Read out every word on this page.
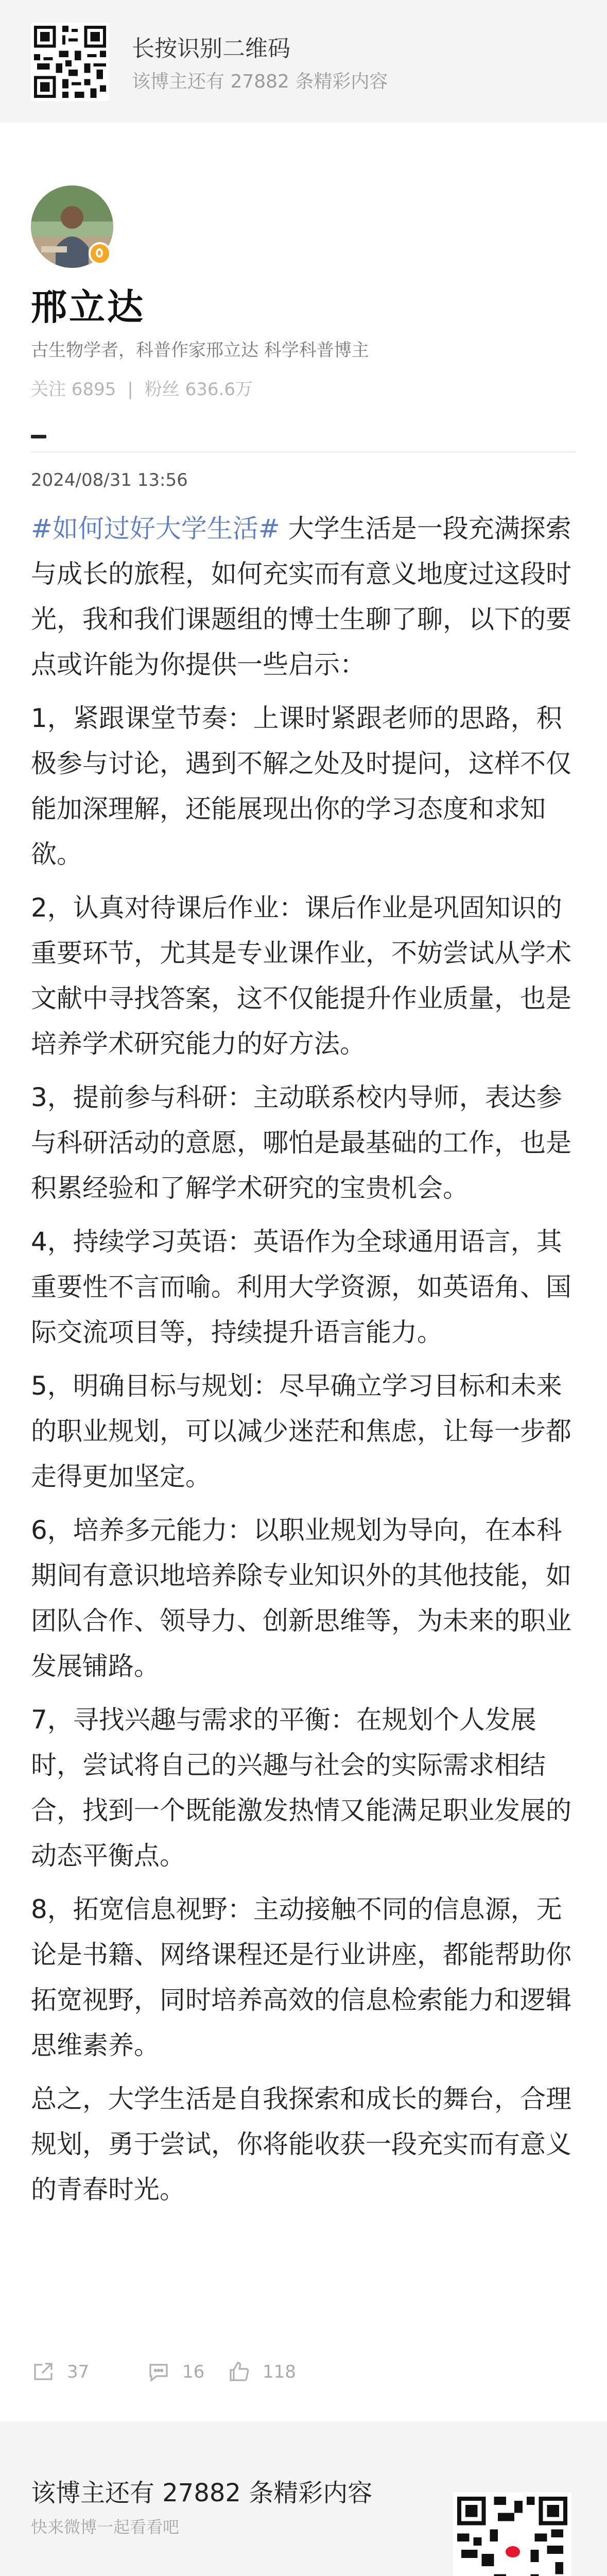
长按识别二维码
该博主还有 27882 条精彩内容
邢立达
古生物学者，科普作家邢立达 科学科普博主
关注 6895 | 粉丝 636.6万
2024/08/31 13:56

#如何过好大学生活# 大学生活是一段充满探索与成长的旅程，如何充实而有意义地度过这段时光，我和我们课题组的博士生聊了聊，以下的要点或许能为你提供一些启示：

1，紧跟课堂节奏：上课时紧跟老师的思路，积极参与讨论，遇到不解之处及时提问，这样不仅能加深理解，还能展现出你的学习态度和求知欲。

2，认真对待课后作业：课后作业是巩固知识的重要环节，尤其是专业课作业，不妨尝试从学术文献中寻找答案，这不仅能提升作业质量，也是培养学术研究能力的好方法。

3，提前参与科研：主动联系校内导师，表达参与科研活动的意愿，哪怕是最基础的工作，也是积累经验和了解学术研究的宝贵机会。

4，持续学习英语：英语作为全球通用语言，其重要性不言而喻。利用大学资源，如英语角、国际交流项目等，持续提升语言能力。

5，明确目标与规划：尽早确立学习目标和未来的职业规划，可以减少迷茫和焦虑，让每一步都走得更加坚定。

6，培养多元能力：以职业规划为导向，在本科期间有意识地培养除专业知识外的其他技能，如团队合作、领导力、创新思维等，为未来的职业发展铺路。

7，寻找兴趣与需求的平衡：在规划个人发展时，尝试将自己的兴趣与社会的实际需求相结合，找到一个既能激发热情又能满足职业发展的动态平衡点。

8，拓宽信息视野：主动接触不同的信息源，无论是书籍、网络课程还是行业讲座，都能帮助你拓宽视野，同时培养高效的信息检索能力和逻辑思维素养。

总之，大学生活是自我探索和成长的舞台，合理规划，勇于尝试，你将能收获一段充实而有意义的青春时光。

37	16	118
该博主还有 27882 条精彩内容
快来微博一起看看吧
